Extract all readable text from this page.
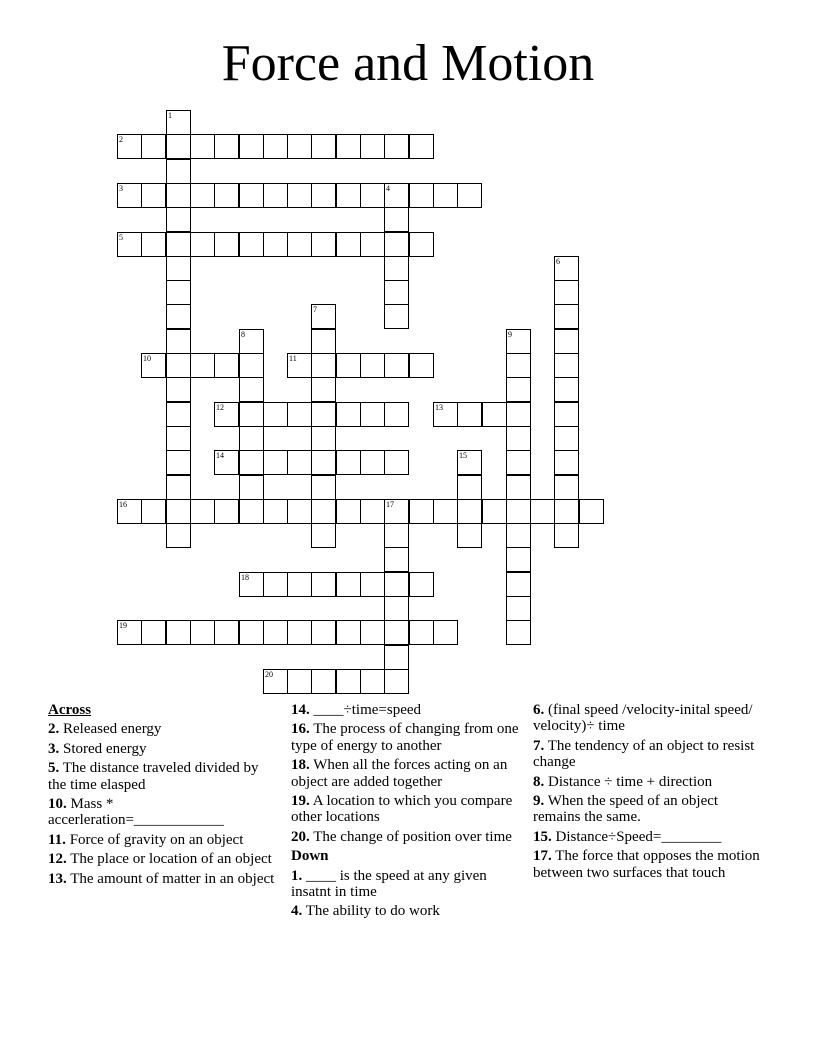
Force and Motion
1
2
3	4
5
6
7
8	9
10	11
12	13
14	15
16	17
18
19
20
Across
2. Released energy
3. Stored energy
5. The distance traveled divided by the time elasped
10. Mass * accerleration=____________
11. Force of gravity on an object
12. The place or location of an object
13. The amount of matter in an object
14. ____÷time=speed
16. The process of changing from one type of energy to another
18. When all the forces acting on an object are added together
19. A location to which you compare other locations
20. The change of position over time
Down
1. ____ is the speed at any given insatnt in time
4. The ability to do work
6. (final speed /velocity-inital speed/ velocity)÷ time
7. The tendency of an object to resist change
8. Distance ÷ time + direction
9. When the speed of an object remains the same.
15. Distance÷Speed=________
17. The force that opposes the motion between two surfaces that touch
